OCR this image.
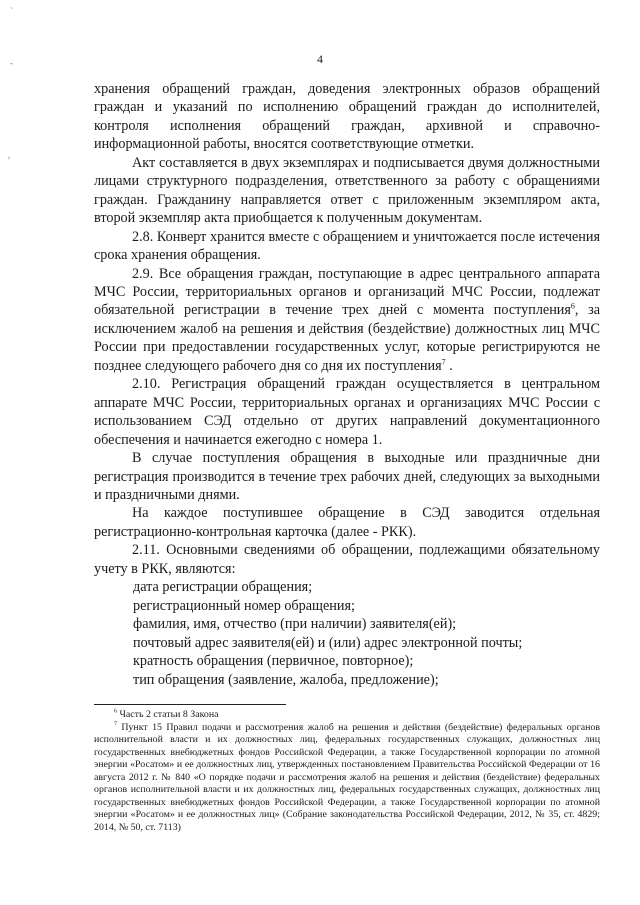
`
-
,
4

хранения обращений граждан, доведения электронных образов обращений граждан и указаний по исполнению обращений граждан до исполнителей, контроля исполнения обращений граждан, архивной и справочно-информационной работы, вносятся соответствующие отметки.

Акт составляется в двух экземплярах и подписывается двумя должностными лицами структурного подразделения, ответственного за работу с обращениями граждан. Гражданину направляется ответ с приложенным экземпляром акта, второй экземпляр акта приобщается к полученным документам.

2.8. Конверт хранится вместе с обращением и уничтожается после истечения срока хранения обращения.

2.9. Все обращения граждан, поступающие в адрес центрального аппарата МЧС России, территориальных органов и организаций МЧС России, подлежат обязательной регистрации в течение трех дней с момента поступления$^6$, за исключением жалоб на решения и действия (бездействие) должностных лиц МЧС России при предоставлении государственных услуг, которые регистрируются не позднее следующего рабочего дня со дня их поступления$^7$ .

2.10. Регистрация обращений граждан осуществляется в центральном аппарате МЧС России, территориальных органах и организациях МЧС России с использованием СЭД отдельно от других направлений документационного обеспечения и начинается ежегодно с номера 1.

В случае поступления обращения в выходные или праздничные дни регистрация производится в течение трех рабочих дней, следующих за выходными и праздничными днями.

На каждое поступившее обращение в СЭД заводится отдельная регистрационно-контрольная карточка (далее - РКК).

2.11. Основными сведениями об обращении, подлежащими обязательному учету в РКК, являются:

дата регистрации обращения;

регистрационный номер обращения;

фамилия, имя, отчество (при наличии) заявителя(ей);

почтовый адрес заявителя(ей) и (или) адрес электронной почты;

кратность обращения (первичное, повторное);

тип обращения (заявление, жалоба, предложение);

$^6$ Часть 2 статьи 8 Закона

$^7$ Пункт 15 Правил подачи и рассмотрения жалоб на решения и действия (бездействие) федеральных органов исполнительной власти и их должностных лиц, федеральных государственных служащих, должностных лиц государственных внебюджетных фондов Российской Федерации, а также Государственной корпорации по атомной энергии «Росатом» и ее должностных лиц, утвержденных постановлением Правительства Российской Федерации от 16 августа 2012 г. № 840 «О порядке подачи и рассмотрения жалоб на решения и действия (бездействие) федеральных органов исполнительной власти и их должностных лиц, федеральных государственных служащих, должностных лиц государственных внебюджетных фондов Российской Федерации, а также Государственной корпорации по атомной энергии «Росатом» и ее должностных лиц» (Собрание законодательства Российской Федерации, 2012, № 35, ст. 4829; 2014, № 50, ст. 7113)
